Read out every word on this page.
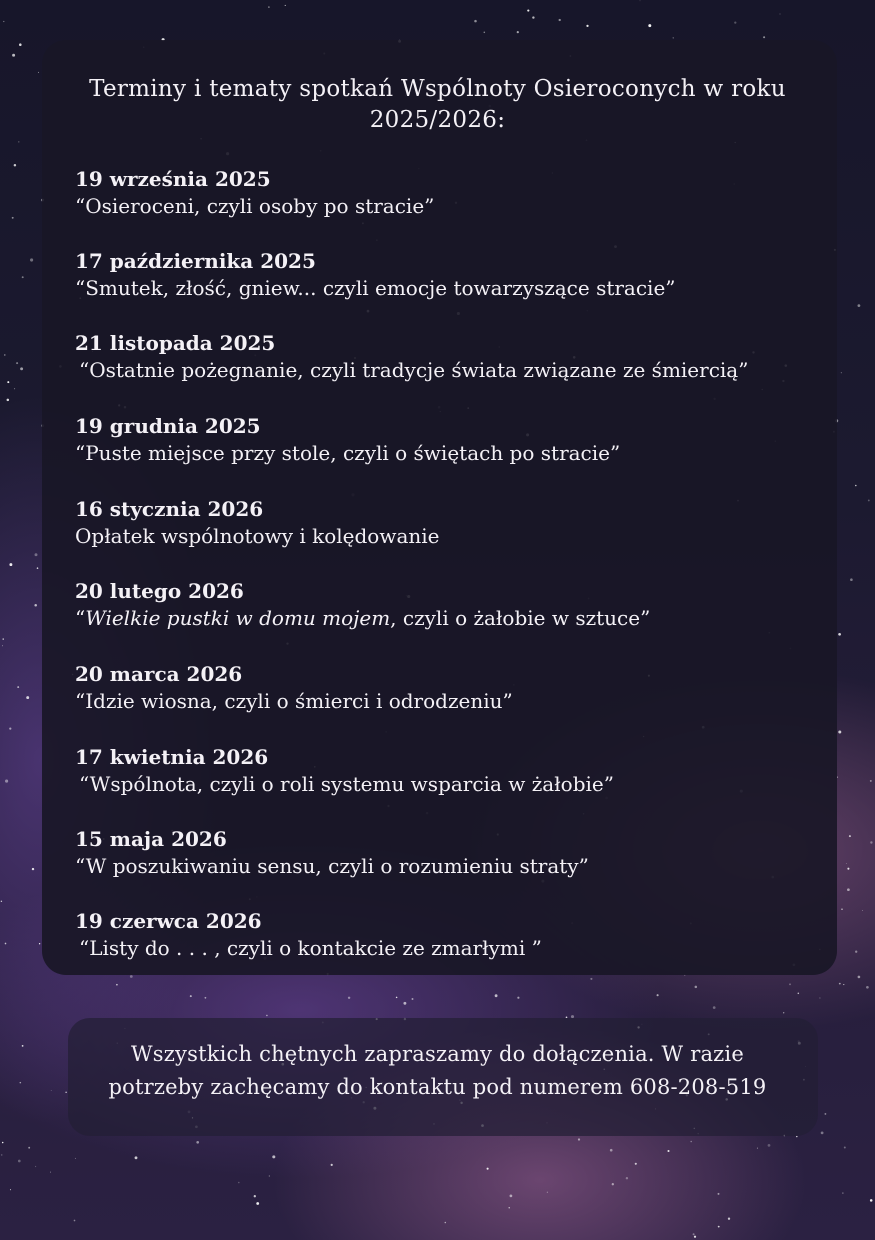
Terminy i tematy spotkań Wspólnoty Osieroconych w roku
2025/2026:
19 września 2025
“Osieroceni, czyli osoby po stracie”
17 października 2025
“Smutek, złość, gniew... czyli emocje towarzyszące stracie”
21 listopada 2025
“Ostatnie pożegnanie, czyli tradycje świata związane ze śmiercią”
19 grudnia 2025
“Puste miejsce przy stole, czyli o świętach po stracie”
16 stycznia 2026
Opłatek wspólnotowy i kolędowanie
20 lutego 2026
“Wielkie pustki w domu mojem, czyli o żałobie w sztuce”
20 marca 2026
“Idzie wiosna, czyli o śmierci i odrodzeniu”
17 kwietnia 2026
“Wspólnota, czyli o roli systemu wsparcia w żałobie”
15 maja 2026
“W poszukiwaniu sensu, czyli o rozumieniu straty”
19 czerwca 2026
“Listy do . . . , czyli o kontakcie ze zmarłymi ”
Wszystkich chętnych zapraszamy do dołączenia. W razie
potrzeby zachęcamy do kontaktu pod numerem 608-208-519
